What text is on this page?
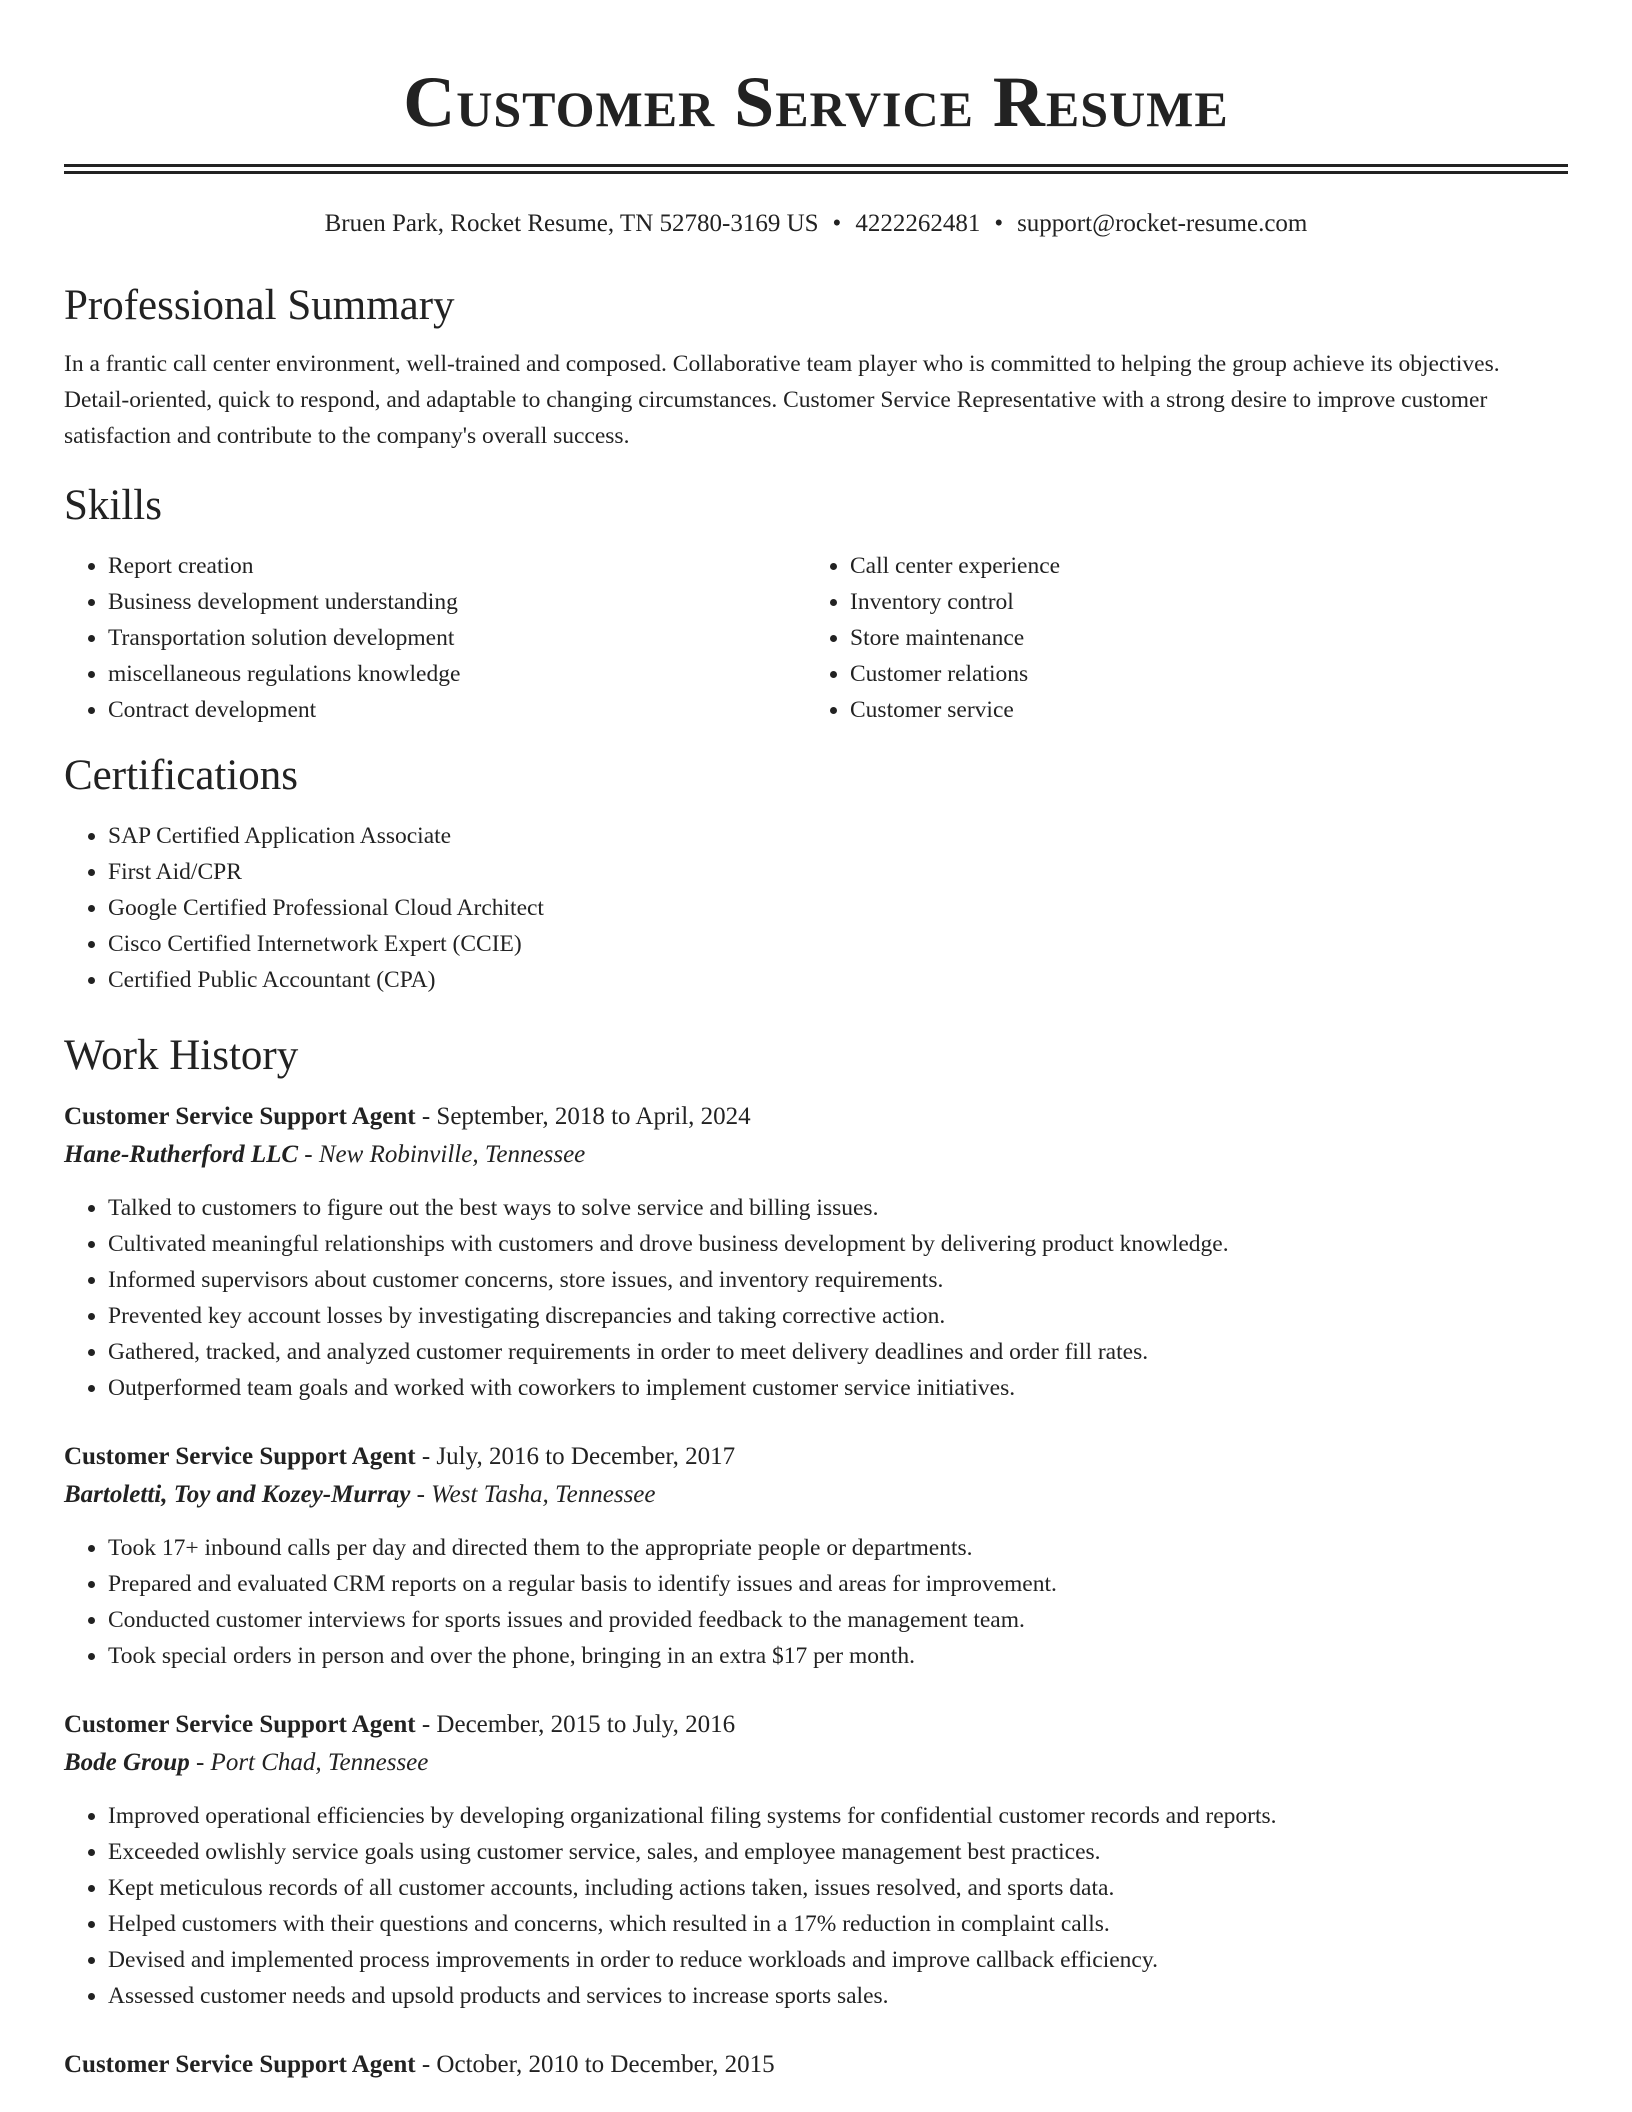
Customer Service Resume
Bruen Park, Rocket Resume, TN 52780-3169 US • 4222262481 • support@rocket-resume.com
Professional Summary

In a frantic call center environment, well-trained and composed. Collaborative team player who is committed to helping the group achieve its objectives. Detail-oriented, quick to respond, and adaptable to changing circumstances. Customer Service Representative with a strong desire to improve customer satisfaction and contribute to the company's overall success.

Skills
• Report creation
• Business development understanding
• Transportation solution development
• miscellaneous regulations knowledge
• Contract development
• Call center experience
• Inventory control
• Store maintenance
• Customer relations
• Customer service
Certifications
• SAP Certified Application Associate
• First Aid/CPR
• Google Certified Professional Cloud Architect
• Cisco Certified Internetwork Expert (CCIE)
• Certified Public Accountant (CPA)
Work History
Customer Service Support Agent - September, 2018 to April, 2024
Hane-Rutherford LLC - New Robinville, Tennessee
• Talked to customers to figure out the best ways to solve service and billing issues.
• Cultivated meaningful relationships with customers and drove business development by delivering product knowledge.
• Informed supervisors about customer concerns, store issues, and inventory requirements.
• Prevented key account losses by investigating discrepancies and taking corrective action.
• Gathered, tracked, and analyzed customer requirements in order to meet delivery deadlines and order fill rates.
• Outperformed team goals and worked with coworkers to implement customer service initiatives.
Customer Service Support Agent - July, 2016 to December, 2017
Bartoletti, Toy and Kozey-Murray - West Tasha, Tennessee
• Took 17+ inbound calls per day and directed them to the appropriate people or departments.
• Prepared and evaluated CRM reports on a regular basis to identify issues and areas for improvement.
• Conducted customer interviews for sports issues and provided feedback to the management team.
• Took special orders in person and over the phone, bringing in an extra $17 per month.
Customer Service Support Agent - December, 2015 to July, 2016
Bode Group - Port Chad, Tennessee
• Improved operational efficiencies by developing organizational filing systems for confidential customer records and reports.
• Exceeded owlishly service goals using customer service, sales, and employee management best practices.
• Kept meticulous records of all customer accounts, including actions taken, issues resolved, and sports data.
• Helped customers with their questions and concerns, which resulted in a 17% reduction in complaint calls.
• Devised and implemented process improvements in order to reduce workloads and improve callback efficiency.
• Assessed customer needs and upsold products and services to increase sports sales.
Customer Service Support Agent - October, 2010 to December, 2015
